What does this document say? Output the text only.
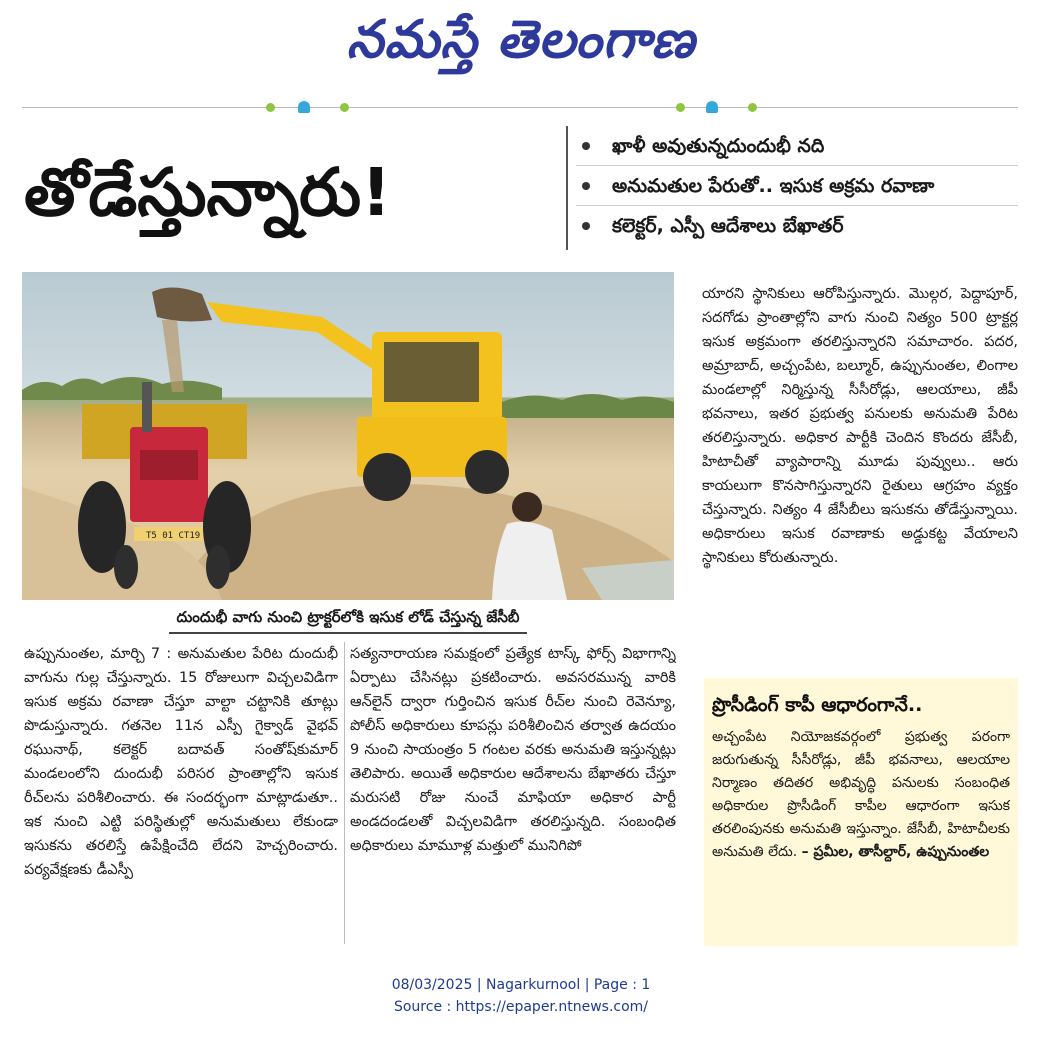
నమస్తే తెలంగాణ
తోడేస్తున్నారు!
ఖాళీ అవుతున్నదుందుభీ నది
అనుమతుల పేరుతో.. ఇసుక అక్రమ రవాణా
కలెక్టర్, ఎస్పీ ఆదేశాలు బేఖాతర్
T5 01 CT19
దుందుభీ వాగు నుంచి ట్రాక్టర్‌లోకి ఇసుక లోడ్ చేస్తున్న జేసీబీ
ఉప్పునుంతల, మార్చి 7 : అనుమతుల పేరిట దుందుభీ వాగును గుల్ల చేస్తున్నారు. 15 రోజులుగా విచ్చలవిడిగా ఇసుక అక్రమ రవాణా చేస్తూ వాల్టా చట్టానికి తూట్లు పొడుస్తున్నారు. గతనెల 11న ఎస్పీ గైక్వాడ్ వైభవ్ రఘునాథ్, కలెక్టర్ బదావత్ సంతోష్‌కుమార్ మండలంలోని దుందుభీ పరిసర ప్రాంతాల్లోని ఇసుక రీచ్‌లను పరిశీలించారు. ఈ సందర్భంగా మాట్లాడుతూ.. ఇక నుంచి ఎట్టి పరిస్థితుల్లో అనుమతులు లేకుండా ఇసుకను తరలిస్తే ఉపేక్షించేది లేదని హెచ్చరించారు. పర్యవేక్షణకు డీఎస్పీ
సత్యనారాయణ సమక్షంలో ప్రత్యేక టాస్క్ ఫోర్స్ విభాగాన్ని ఏర్పాటు చేసినట్లు ప్రకటించారు. అవసరమున్న వారికి ఆన్‌లైన్ ద్వారా గుర్తించిన ఇసుక రీచ్‌ల నుంచి రెవెన్యూ, పోలీస్ అధికారులు కూపన్లు పరిశీలించిన తర్వాత ఉదయం 9 నుంచి సాయంత్రం 5 గంటల వరకు అనుమతి ఇస్తున్నట్లు తెలిపారు. అయితే అధికారుల ఆదేశాలను బేఖాతరు చేస్తూ మరుసటి రోజు నుంచే మాఫియా అధికార పార్టీ అండదండలతో విచ్చలవిడిగా తరలిస్తున్నది. సంబంధిత అధికారులు మామూళ్ల మత్తులో మునిగిపో
యారని స్థానికులు ఆరోపిస్తున్నారు. మొల్గర, పెద్దాపూర్, సదగోడు ప్రాంతాల్లోని వాగు నుంచి నిత్యం 500 ట్రాక్టర్ల ఇసుక అక్రమంగా తరలిస్తున్నారని సమాచారం. పదర, అమ్రాబాద్, అచ్చంపేట, బల్మూర్, ఉప్పునుంతల, లింగాల మండలాల్లో నిర్మిస్తున్న సీసీరోడ్లు, ఆలయాలు, జీపీ భవనాలు, ఇతర ప్రభుత్వ పనులకు అనుమతి పేరిట తరలిస్తున్నారు. అధికార పార్టీకి చెందిన కొందరు జేసీబీ, హిటాచీతో వ్యాపారాన్ని మూడు పువ్వులు.. ఆరు కాయలుగా కొనసాగిస్తున్నారని రైతులు ఆగ్రహం వ్యక్తం చేస్తున్నారు. నిత్యం 4 జేసీబీలు ఇసుకను తోడేస్తున్నాయి. అధికారులు ఇసుక రవాణాకు అడ్డుకట్ట వేయాలని స్థానికులు కోరుతున్నారు.
ప్రొసీడింగ్ కాపీ ఆధారంగానే..
అచ్చంపేట నియోజకవర్గంలో ప్రభుత్వ పరంగా జరుగుతున్న సీసీరోడ్లు, జీపీ భవనాలు, ఆలయాల నిర్మాణం తదితర అభివృద్ధి పనులకు సంబంధిత అధికారుల ప్రొసీడింగ్ కాపీల ఆధారంగా ఇసుక తరలింపునకు అనుమతి ఇస్తున్నాం. జేసీబీ, హిటాచీలకు అనుమతి లేదు. – ప్రమీల, తాసీల్దార్, ఉప్పునుంతల
08/03/2025 | Nagarkurnool | Page : 1
Source : https://epaper.ntnews.com/
